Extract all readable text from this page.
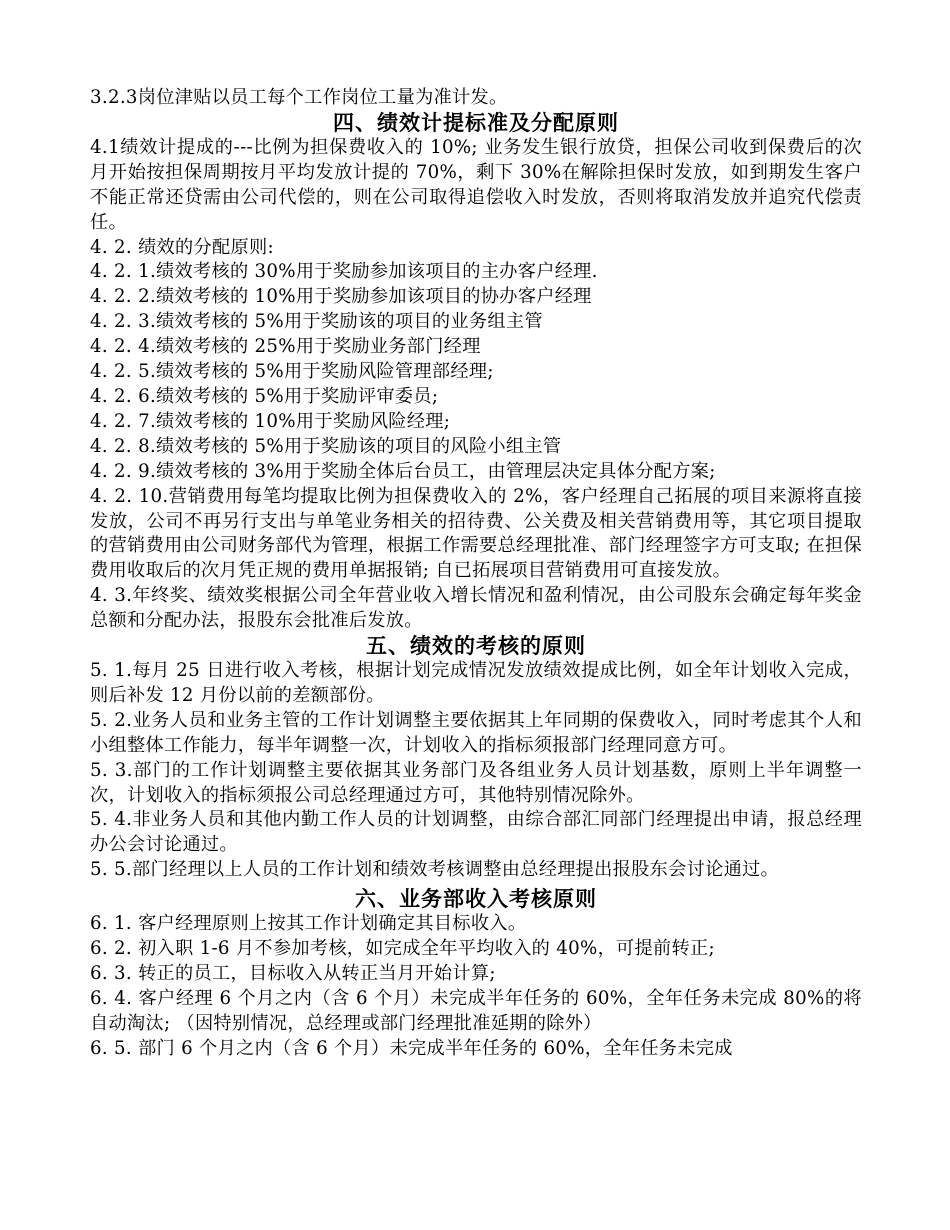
3.2.3岗位津贴以员工每个工作岗位工量为准计发。
四、绩效计提标准及分配原则
4.1绩效计提成的---比例为担保费收入的 10%; 业务发生银行放贷，担保公司收到保费后的次月开始按担保周期按月平均发放计提的 70%，剩下 30%在解除担保时发放，如到期发生客户不能正常还贷需由公司代偿的，则在公司取得追偿收入时发放，否则将取消发放并追究代偿责任。
4. 2. 绩效的分配原则:
4. 2. 1.绩效考核的 30%用于奖励参加该项目的主办客户经理.
4. 2. 2.绩效考核的 10%用于奖励参加该项目的协办客户经理
4. 2. 3.绩效考核的 5%用于奖励该的项目的业务组主管
4. 2. 4.绩效考核的 25%用于奖励业务部门经理
4. 2. 5.绩效考核的 5%用于奖励风险管理部经理;
4. 2. 6.绩效考核的 5%用于奖励评审委员;
4. 2. 7.绩效考核的 10%用于奖励风险经理;
4. 2. 8.绩效考核的 5%用于奖励该的项目的风险小组主管
4. 2. 9.绩效考核的 3%用于奖励全体后台员工，由管理层决定具体分配方案;
4. 2. 10.营销费用每笔均提取比例为担保费收入的 2%，客户经理自己拓展的项目来源将直接发放，公司不再另行支出与单笔业务相关的招待费、公关费及相关营销费用等，其它项目提取的营销费用由公司财务部代为管理，根据工作需要总经理批准、部门经理签字方可支取; 在担保费用收取后的次月凭正规的费用单据报销; 自已拓展项目营销费用可直接发放。
4. 3.年终奖、绩效奖根据公司全年营业收入增长情况和盈利情况，由公司股东会确定每年奖金总额和分配办法，报股东会批准后发放。
五、绩效的考核的原则
5. 1.每月 25 日进行收入考核，根据计划完成情况发放绩效提成比例，如全年计划收入完成，则后补发 12 月份以前的差额部份。
5. 2.业务人员和业务主管的工作计划调整主要依据其上年同期的保费收入，同时考虑其个人和小组整体工作能力，每半年调整一次，计划收入的指标须报部门经理同意方可。
5. 3.部门的工作计划调整主要依据其业务部门及各组业务人员计划基数，原则上半年调整一次，计划收入的指标须报公司总经理通过方可，其他特别情况除外。
5. 4.非业务人员和其他内勤工作人员的计划调整，由综合部汇同部门经理提出申请，报总经理办公会讨论通过。
5. 5.部门经理以上人员的工作计划和绩效考核调整由总经理提出报股东会讨论通过。
六、业务部收入考核原则
6. 1. 客户经理原则上按其工作计划确定其目标收入。
6. 2. 初入职 1-6 月不参加考核，如完成全年平均收入的 40%，可提前转正;
6. 3. 转正的员工，目标收入从转正当月开始计算;
6. 4. 客户经理 6 个月之内（含 6 个月）未完成半年任务的 60%，全年任务未完成 80%的将自动淘汰; （因特别情况，总经理或部门经理批准延期的除外）
6. 5. 部门 6 个月之内（含 6 个月）未完成半年任务的 60%，全年任务未完成
